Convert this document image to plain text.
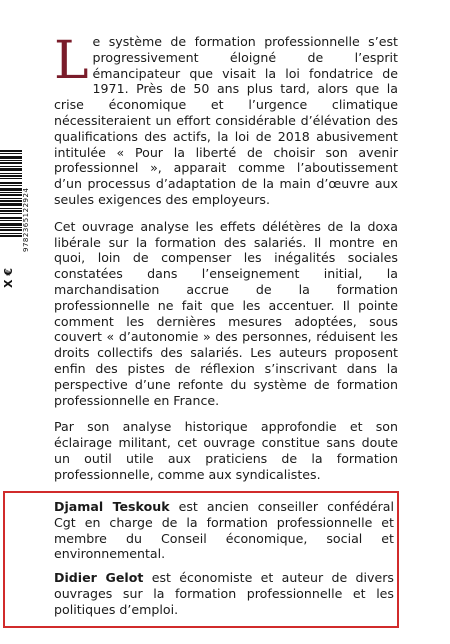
9782365122924
X €

Le système de formation professionnelle s’est progressivement éloigné de l’esprit émancipateur que visait la loi fondatrice de 1971. Près de 50 ans plus tard, alors que la crise économique et l’urgence climatique nécessiteraient un effort considérable d’élévation des qualifications des actifs, la loi de 2018 abusivement intitulée « Pour la liberté de choisir son avenir professionnel », apparait comme l’aboutissement d’un processus d’adaptation de la main d’œuvre aux seules exigences des employeurs.

Cet ouvrage analyse les effets délétères de la doxa libérale sur la formation des salariés. Il montre en quoi, loin de compenser les inégalités sociales constatées dans l’enseignement initial, la marchandisation accrue de la formation professionnelle ne fait que les accentuer. Il pointe comment les dernières mesures adoptées, sous couvert « d’autonomie » des personnes, réduisent les droits collectifs des salariés. Les auteurs proposent enfin des pistes de réflexion s’inscrivant dans la perspective d’une refonte du système de formation professionnelle en France.

Par son analyse historique approfondie et son éclairage militant, cet ouvrage constitue sans doute un outil utile aux praticiens de la formation professionnelle, comme aux syndicalistes.

Djamal Teskouk est ancien conseiller confédéral Cgt en charge de la formation professionnelle et membre du Conseil économique, social et environnemental.

Didier Gelot est économiste et auteur de divers ouvrages sur la formation professionnelle et les politiques d’emploi.
